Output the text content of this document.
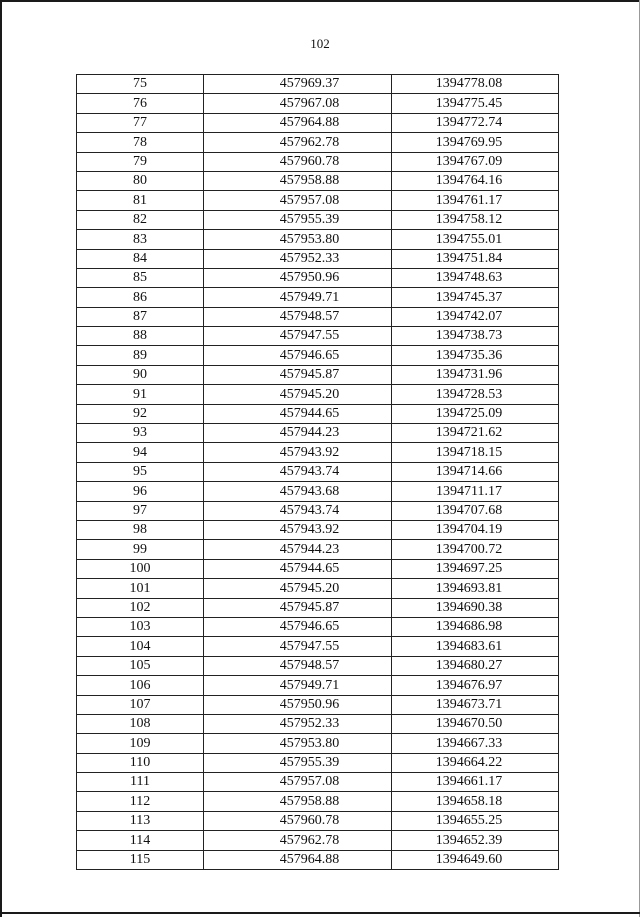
102
75	457969.37	1394778.08
76	457967.08	1394775.45
77	457964.88	1394772.74
78	457962.78	1394769.95
79	457960.78	1394767.09
80	457958.88	1394764.16
81	457957.08	1394761.17
82	457955.39	1394758.12
83	457953.80	1394755.01
84	457952.33	1394751.84
85	457950.96	1394748.63
86	457949.71	1394745.37
87	457948.57	1394742.07
88	457947.55	1394738.73
89	457946.65	1394735.36
90	457945.87	1394731.96
91	457945.20	1394728.53
92	457944.65	1394725.09
93	457944.23	1394721.62
94	457943.92	1394718.15
95	457943.74	1394714.66
96	457943.68	1394711.17
97	457943.74	1394707.68
98	457943.92	1394704.19
99	457944.23	1394700.72
100	457944.65	1394697.25
101	457945.20	1394693.81
102	457945.87	1394690.38
103	457946.65	1394686.98
104	457947.55	1394683.61
105	457948.57	1394680.27
106	457949.71	1394676.97
107	457950.96	1394673.71
108	457952.33	1394670.50
109	457953.80	1394667.33
110	457955.39	1394664.22
111	457957.08	1394661.17
112	457958.88	1394658.18
113	457960.78	1394655.25
114	457962.78	1394652.39
115	457964.88	1394649.60
